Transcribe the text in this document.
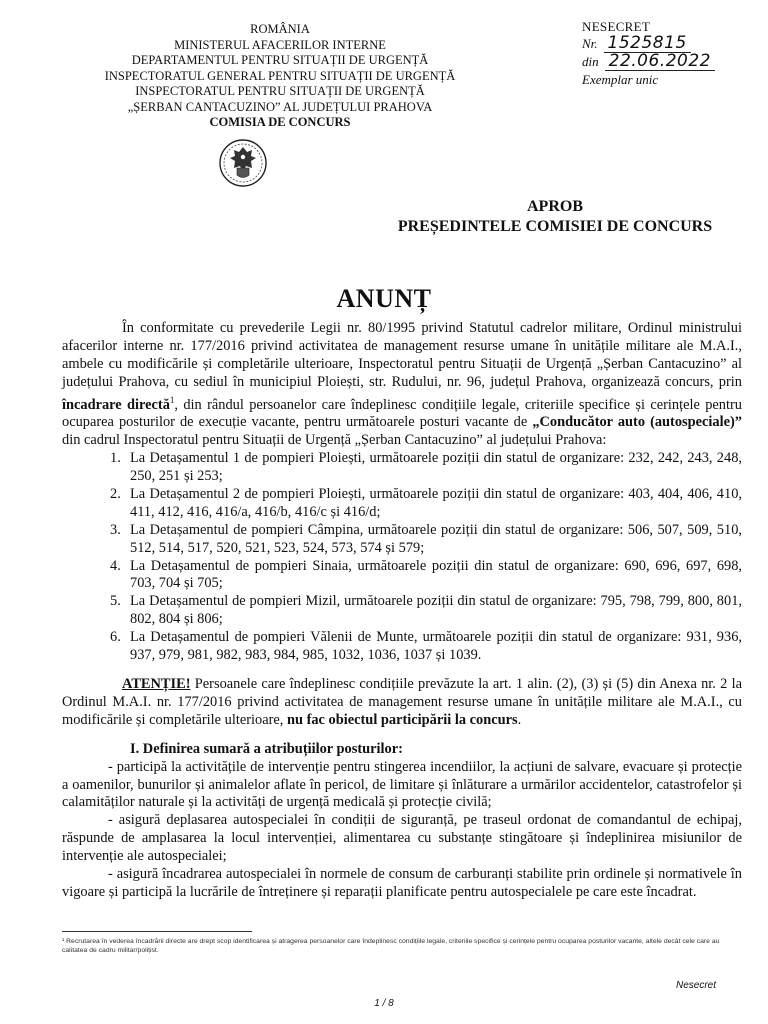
ROMÂNIA
MINISTERUL AFACERILOR INTERNE
DEPARTAMENTUL PENTRU SITUAȚII DE URGENȚĂ
INSPECTORATUL GENERAL PENTRU SITUAȚII DE URGENȚĂ
INSPECTORATUL PENTRU SITUAȚII DE URGENȚĂ
„ȘERBAN CANTACUZINO” AL JUDEȚULUI PRAHOVA
COMISIA DE CONCURS
NESECRET
Nr. 1525815
din 22.06.2022
Exemplar unic
APROB
PREȘEDINTELE COMISIEI DE CONCURS
ANUNȚ

În conformitate cu prevederile Legii nr. 80/1995 privind Statutul cadrelor militare, Ordinul ministrului afacerilor interne nr. 177/2016 privind activitatea de management resurse umane în unitățile militare ale M.A.I., ambele cu modificările și completările ulterioare, Inspectoratul pentru Situații de Urgență „Șerban Cantacuzino” al județului Prahova, cu sediul în municipiul Ploiești, str. Rudului, nr. 96, județul Prahova, organizează concurs, prin încadrare directă$^1$, din rândul persoanelor care îndeplinesc condițiile legale, criteriile specifice și cerințele pentru ocuparea posturilor de execuție vacante, pentru următoarele posturi vacante de „Conducător auto (autospeciale)” din cadrul Inspectoratul pentru Situații de Urgență „Șerban Cantacuzino” al județului Prahova:

1. La Detașamentul 1 de pompieri Ploiești, următoarele poziții din statul de organizare: 232, 242, 243, 248, 250, 251 și 253;
2. La Detașamentul 2 de pompieri Ploiești, următoarele poziții din statul de organizare: 403, 404, 406, 410, 411, 412, 416, 416/a, 416/b, 416/c și 416/d;
3. La Detașamentul de pompieri Câmpina, următoarele poziții din statul de organizare: 506, 507, 509, 510, 512, 514, 517, 520, 521, 523, 524, 573, 574 și 579;
4. La Detașamentul de pompieri Sinaia, următoarele poziții din statul de organizare: 690, 696, 697, 698, 703, 704 și 705;
5. La Detașamentul de pompieri Mizil, următoarele poziții din statul de organizare: 795, 798, 799, 800, 801, 802, 804 și 806;
6. La Detașamentul de pompieri Vălenii de Munte, următoarele poziții din statul de organizare: 931, 936, 937, 979, 981, 982, 983, 984, 985, 1032, 1036, 1037 și 1039.

ATENȚIE! Persoanele care îndeplinesc condițiile prevăzute la art. 1 alin. (2), (3) și (5) din Anexa nr. 2 la Ordinul M.A.I. nr. 177/2016 privind activitatea de management resurse umane în unitățile militare ale M.A.I., cu modificările și completările ulterioare, nu fac obiectul participării la concurs.

I. Definirea sumară a atribuțiilor posturilor:

- participă la activitățile de intervenție pentru stingerea incendiilor, la acțiuni de salvare, evacuare și protecție a oamenilor, bunurilor și animalelor aflate în pericol, de limitare și înlăturare a urmărilor accidentelor, catastrofelor și calamităților naturale și la activități de urgență medicală și protecție civilă;

- asigură deplasarea autospecialei în condiții de siguranță, pe traseul ordonat de comandantul de echipaj, răspunde de amplasarea la locul intervenției, alimentarea cu substanțe stingătoare și îndeplinirea misiunilor de intervenție ale autospecialei;

- asigură încadrarea autospecialei în normele de consum de carburanți stabilite prin ordinele și normativele în vigoare și participă la lucrările de întreținere și reparații planificate pentru autospecialele pe care este încadrat.

¹ Recrutarea în vederea încadrării directe are drept scop identificarea și atragerea persoanelor care îndeplinesc condițiile legale, criteriile specifice și cerințele pentru ocuparea posturilor vacante, altele decât cele care au calitatea de cadru militar/polițist.
Nesecret
1 / 8
